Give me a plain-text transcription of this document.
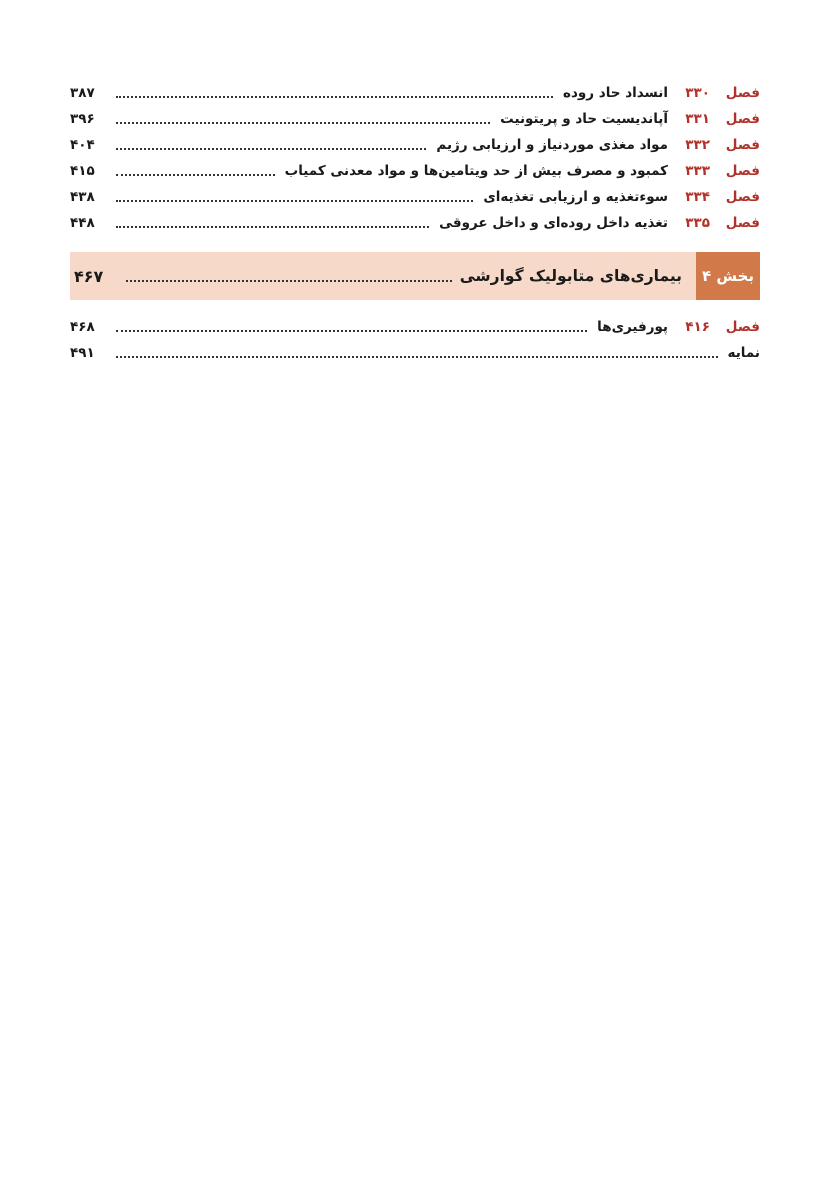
فصل
۳۳۰
انسداد حاد روده
۳۸۷
فصل
۳۳۱
آپاندیسیت حاد و پریتونیت
۳۹۶
فصل
۳۳۲
مواد مغذی موردنیاز و ارزیابی رژیم
۴۰۴
فصل
۳۳۳
کمبود و مصرف بیش از حد ویتامین‌ها و مواد معدنی کمیاب
۴۱۵
فصل
۳۳۴
سوءتغذیه و ارزیابی تغذیه‌ای
۴۳۸
فصل
۳۳۵
تغذیه داخل روده‌ای و داخل عروقی
۴۴۸
بخش ۴
بیماری‌های متابولیک گوارشی
۴۶۷
فصل
۴۱۶
پورفیری‌ها
۴۶۸
نمایه
۴۹۱
